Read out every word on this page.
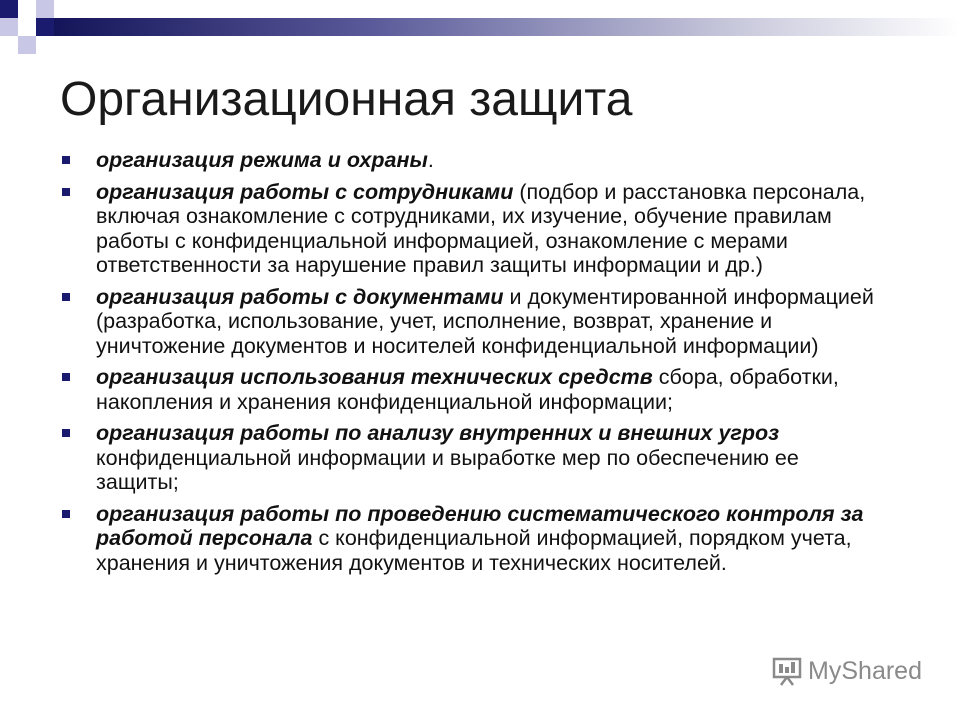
Организационная защита
организация режима и охраны.
организация работы с сотрудниками (подбор и расстановка персонала, включая ознакомление с сотрудниками, их изучение, обучение правилам работы с конфиденциальной информацией, ознакомление с мерами ответственности за нарушение правил защиты информации и др.)
организация работы с документами и документированной информацией (разработка, использование, учет, исполнение, возврат, хранение и уничтожение документов и носителей конфиденциальной информации)
организация использования технических средств сбора, обработки, накопления и хранения конфиденциальной информации;
организация работы по анализу внутренних и внешних угроз конфиденциальной информации и выработке мер по обеспечению ее защиты;
организация работы по проведению систематического контроля за работой персонала с конфиденциальной информацией, порядком учета, хранения и уничтожения документов и технических носителей.
MyShared
